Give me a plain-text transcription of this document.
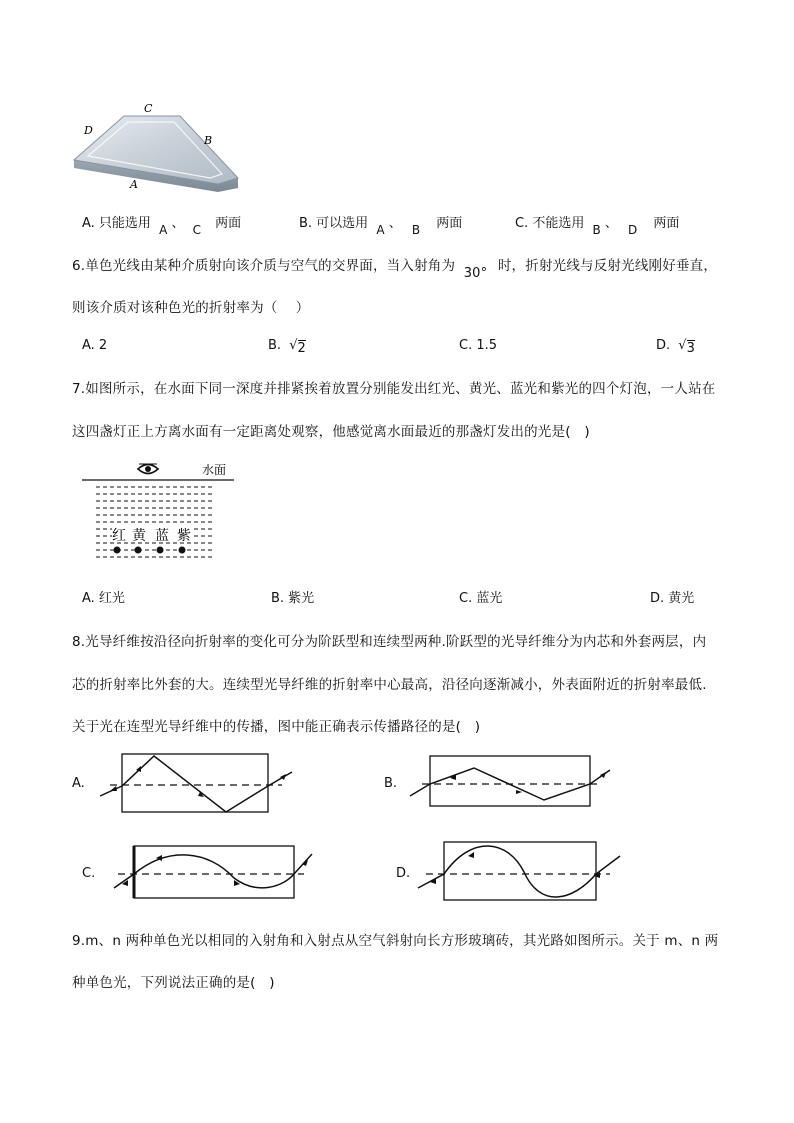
C
D
B
A
A. 只能选用 A 、 C 两面	B. 可以选用 A 、 B 两面	C. 不能选用 B 、 D 两面
6.单色光线由某种介质射向该介质与空气的交界面，当入射角为 30° 时，折射光线与反射光线刚好垂直，
则该介质对该种色光的折射率为（　 ）
A. 2	B. √2	C. 1.5	D. √3
7.如图所示，在水面下同一深度并排紧挨着放置分别能发出红光、黄光、蓝光和紫光的四个灯泡，一人站在
这四盏灯正上方离水面有一定距离处观察，他感觉离水面最近的那盏灯发出的光是(　)
水面
红 黄 蓝 紫
A. 红光	B. 紫光	C. 蓝光	D. 黄光
8.光导纤维按沿径向折射率的变化可分为阶跃型和连续型两种.阶跃型的光导纤维分为内芯和外套两层，内
芯的折射率比外套的大。连续型光导纤维的折射率中心最高，沿径向逐渐减小，外表面附近的折射率最低.
关于光在连型光导纤维中的传播，图中能正确表示传播路径的是(　)
A.	B.
C.	D.
9.m、n 两种单色光以相同的入射角和入射点从空气斜射向长方形玻璃砖，其光路如图所示。关于 m、n 两
种单色光，下列说法正确的是(　)
